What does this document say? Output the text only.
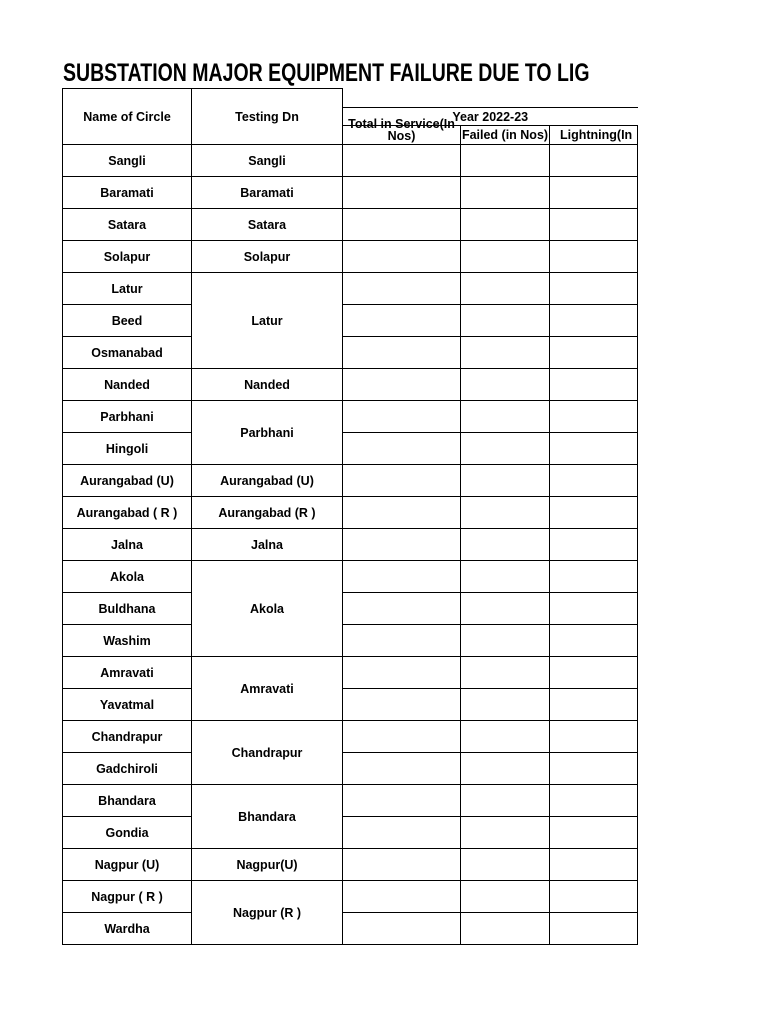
SUBSTATION MAJOR EQUIPMENT FAILURE DUE TO LIG
Name of Circle	Testing Dn			
		Year 2022-23		

		Total in Service(In Nos)	Failed (in Nos)	Lightning(In
Sangli	Sangli			
Baramati	Baramati			
Satara	Satara			
Solapur	Solapur			
Latur	Latur			
Beed				
Osmanabad				
Nanded	Nanded			
Parbhani	Parbhani			
Hingoli				
Aurangabad (U)	Aurangabad (U)			
Aurangabad ( R )	Aurangabad (R )			
Jalna	Jalna			
Akola	Akola			
Buldhana				
Washim				
Amravati	Amravati			
Yavatmal				
Chandrapur	Chandrapur			
Gadchiroli				
Bhandara	Bhandara			
Gondia				
Nagpur (U)	Nagpur(U)			
Nagpur ( R )	Nagpur (R )			
Wardha				
